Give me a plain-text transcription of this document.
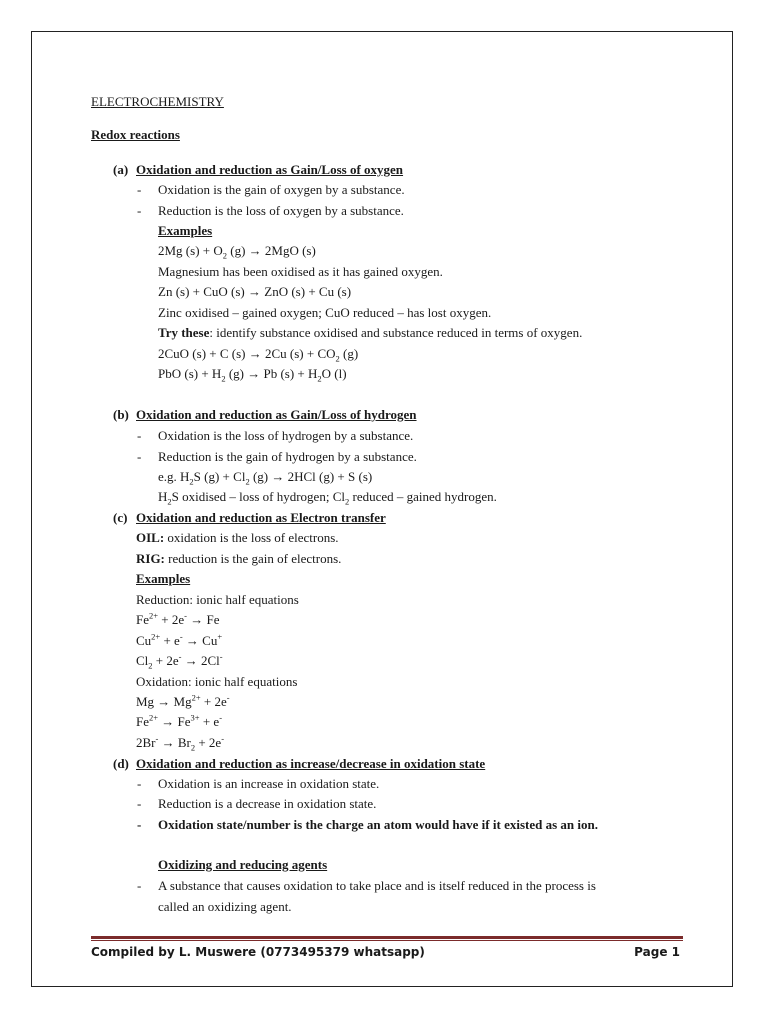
ELECTROCHEMISTRY
Redox reactions
(a) Oxidation and reduction as Gain/Loss of oxygen
- Oxidation is the gain of oxygen by a substance.
- Reduction is the loss of oxygen by a substance.
Examples
2Mg $(s) + O_2$ (g) → 2MgO (s)
Magnesium has been oxidised as it has gained oxygen.
Zn (s) + CuO (s) → ZnO (s) + Cu (s)
Zinc oxidised – gained oxygen; CuO reduced – has lost oxygen.
Try these: identify substance oxidised and substance reduced in terms of oxygen.
2CuO (s) + C (s) → 2Cu $(s) + CO_2$ (g)
PbO $(s) + H_2$ (g) → Pb $(s) + H_2O$ (l)
(b) Oxidation and reduction as Gain/Loss of hydrogen
- Oxidation is the loss of hydrogen by a substance.
- Reduction is the gain of hydrogen by a substance.
e.g. $H_2S$ $(g) + Cl_2$ (g) → 2HCl (g) + S (s)
$H_2S$ oxidised – loss of hydrogen; $Cl_2$ reduced – gained hydrogen.
(c) Oxidation and reduction as Electron transfer
OIL: oxidation is the loss of electrons.
RIG: reduction is the gain of electrons.
Examples
Reduction: ionic half equations
$Fe^{2+} + 2e^- \to Fe$
$Cu^{2+} + e^- \to Cu^+$
$Cl_2 + 2e^- \to 2Cl^-$
Oxidation: ionic half equations
$Mg \to Mg^{2+} + 2e^-$
$Fe^{2+} \to Fe^{3+} + e^-$
$2Br^- \to Br_2 + 2e^-$
(d) Oxidation and reduction as increase/decrease in oxidation state
- Oxidation is an increase in oxidation state.
- Reduction is a decrease in oxidation state.
- Oxidation state/number is the charge an atom would have if it existed as an ion.
Oxidizing and reducing agents
- A substance that causes oxidation to take place and is itself reduced in the process is
called an oxidizing agent.
Compiled by L. Muswere (0773495379 whatsapp)	Page 1
